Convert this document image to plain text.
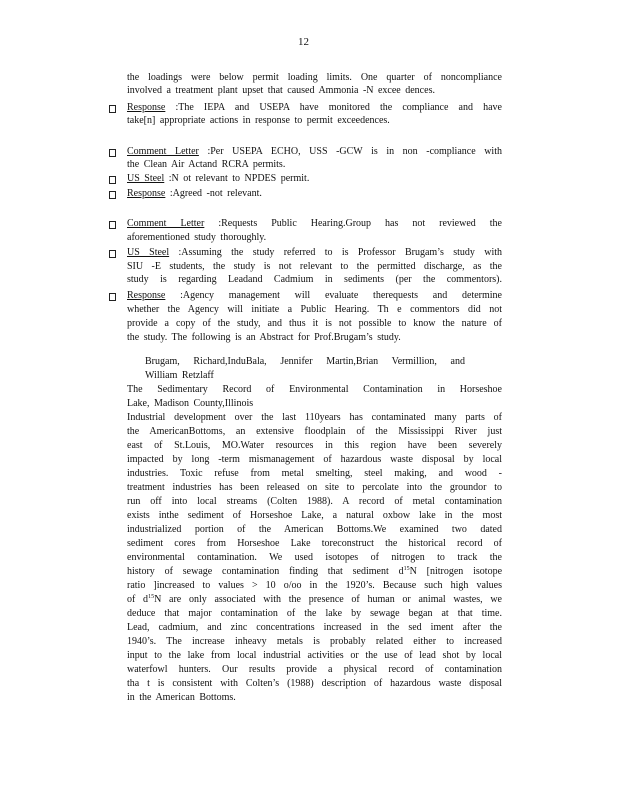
12
the loadings were below permit loading limits. One quarter of noncompliance
involved a treatment plant upset that caused Ammonia -N excee dences.
Response :The IEPA and USEPA have monitored the compliance and have
take[n] appropriate actions in response to permit exceedences.
Comment Letter :Per USEPA ECHO, USS -GCW is in non -compliance with
the Clean Air Actand RCRA permits.
US Steel :N ot relevant to NPDES permit.
Response :Agreed -not relevant.
Comment Letter :Requests Public Hearing.Group has not reviewed the
aforementioned study thoroughly.
US Steel :Assuming the study referred to is Professor Brugam’s study with
SIU -E students, the study is not relevant to the permitted discharge, as the
study is regarding Leadand Cadmium in sediments (per the commentors).
Response :Agency management will evaluate therequests and determine
whether the Agency will initiate a Public Hearing. Th e commentors did not
provide a copy of the study, and thus it is not possible to know the nature of
the study. The following is an Abstract for Prof.Brugam’s study.
Brugam, Richard,InduBala, Jennifer Martin,Brian Vermillion, and
William Retzlaff
The Sedimentary Record of Environmental Contamination in Horseshoe
Lake, Madison County,Illinois
Industrial development over the last 110years has contaminated many parts of
the AmericanBottoms, an extensive floodplain of the Mississippi River just
east of St.Louis, MO.Water resources in this region have been severely
impacted by long -term mismanagement of hazardous waste disposal by local
industries. Toxic refuse from metal smelting, steel making, and wood -
treatment industries has been released on site to percolate into the groundor to
run off into local streams (Colten 1988). A record of metal contamination
exists inthe sediment of Horseshoe Lake, a natural oxbow lake in the most
industrialized portion of the American Bottoms.We examined two dated
sediment cores from Horseshoe Lake toreconstruct the historical record of
environmental contamination. We used isotopes of nitrogen to track the
history of sewage contamination finding that sediment $d^{15}N$ [nitrogen isotope
ratio ]increased to values > 10 o/oo in the 1920’s. Because such high values
of $d^{15}N$ are only associated with the presence of human or animal wastes, we
deduce that major contamination of the lake by sewage began at that time.
Lead, cadmium, and zinc concentrations increased in the sed iment after the
1940’s. The increase inheavy metals is probably related either to increased
input to the lake from local industrial activities or the use of lead shot by local
waterfowl hunters. Our results provide a physical record of contamination
tha t is consistent with Colten’s (1988) description of hazardous waste disposal
in the American Bottoms.
